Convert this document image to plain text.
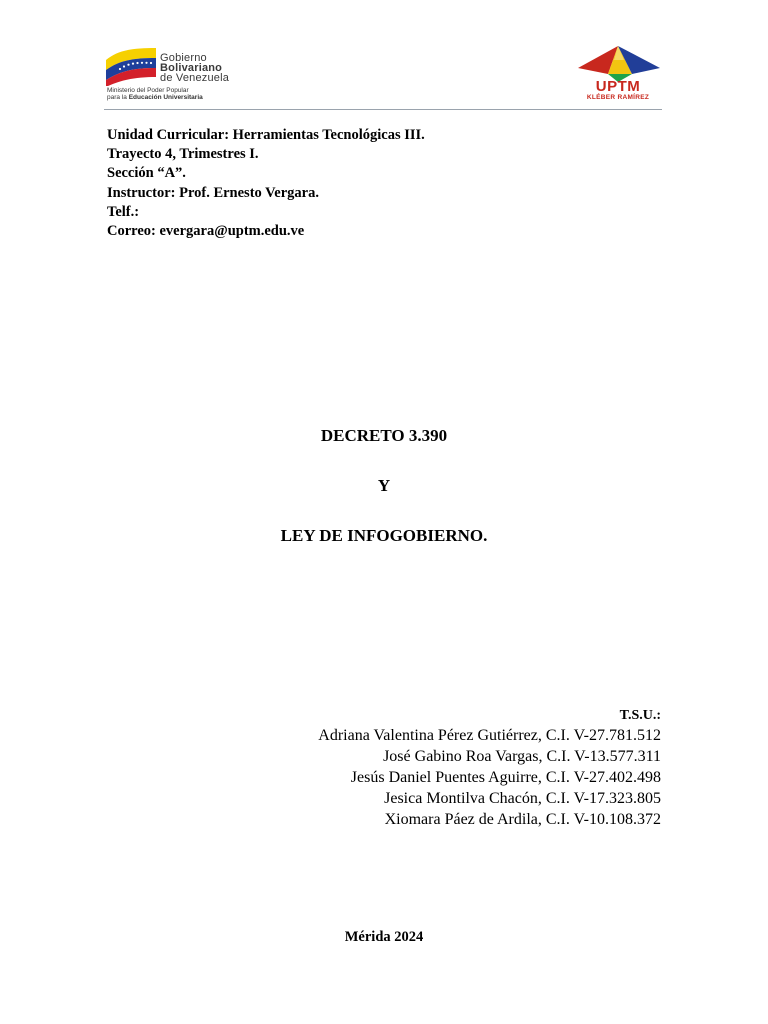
Gobierno
Bolivariano
de Venezuela
Ministerio del Poder Popular
para la Educación Universitaria
UPTM
KLÉBER RAMÍREZ
Unidad Curricular: Herramientas Tecnológicas III.
Trayecto 4, Trimestres I.
Sección “A”.
Instructor: Prof. Ernesto Vergara.
Telf.:
Correo: evergara@uptm.edu.ve
DECRETO 3.390
Y
LEY DE INFOGOBIERNO.
T.S.U.:
Adriana Valentina Pérez Gutiérrez, C.I. V-27.781.512
José Gabino Roa Vargas, C.I. V-13.577.311
Jesús Daniel Puentes Aguirre, C.I. V-27.402.498
Jesica Montilva Chacón, C.I. V-17.323.805
Xiomara Páez de Ardila, C.I. V-10.108.372
Mérida 2024
